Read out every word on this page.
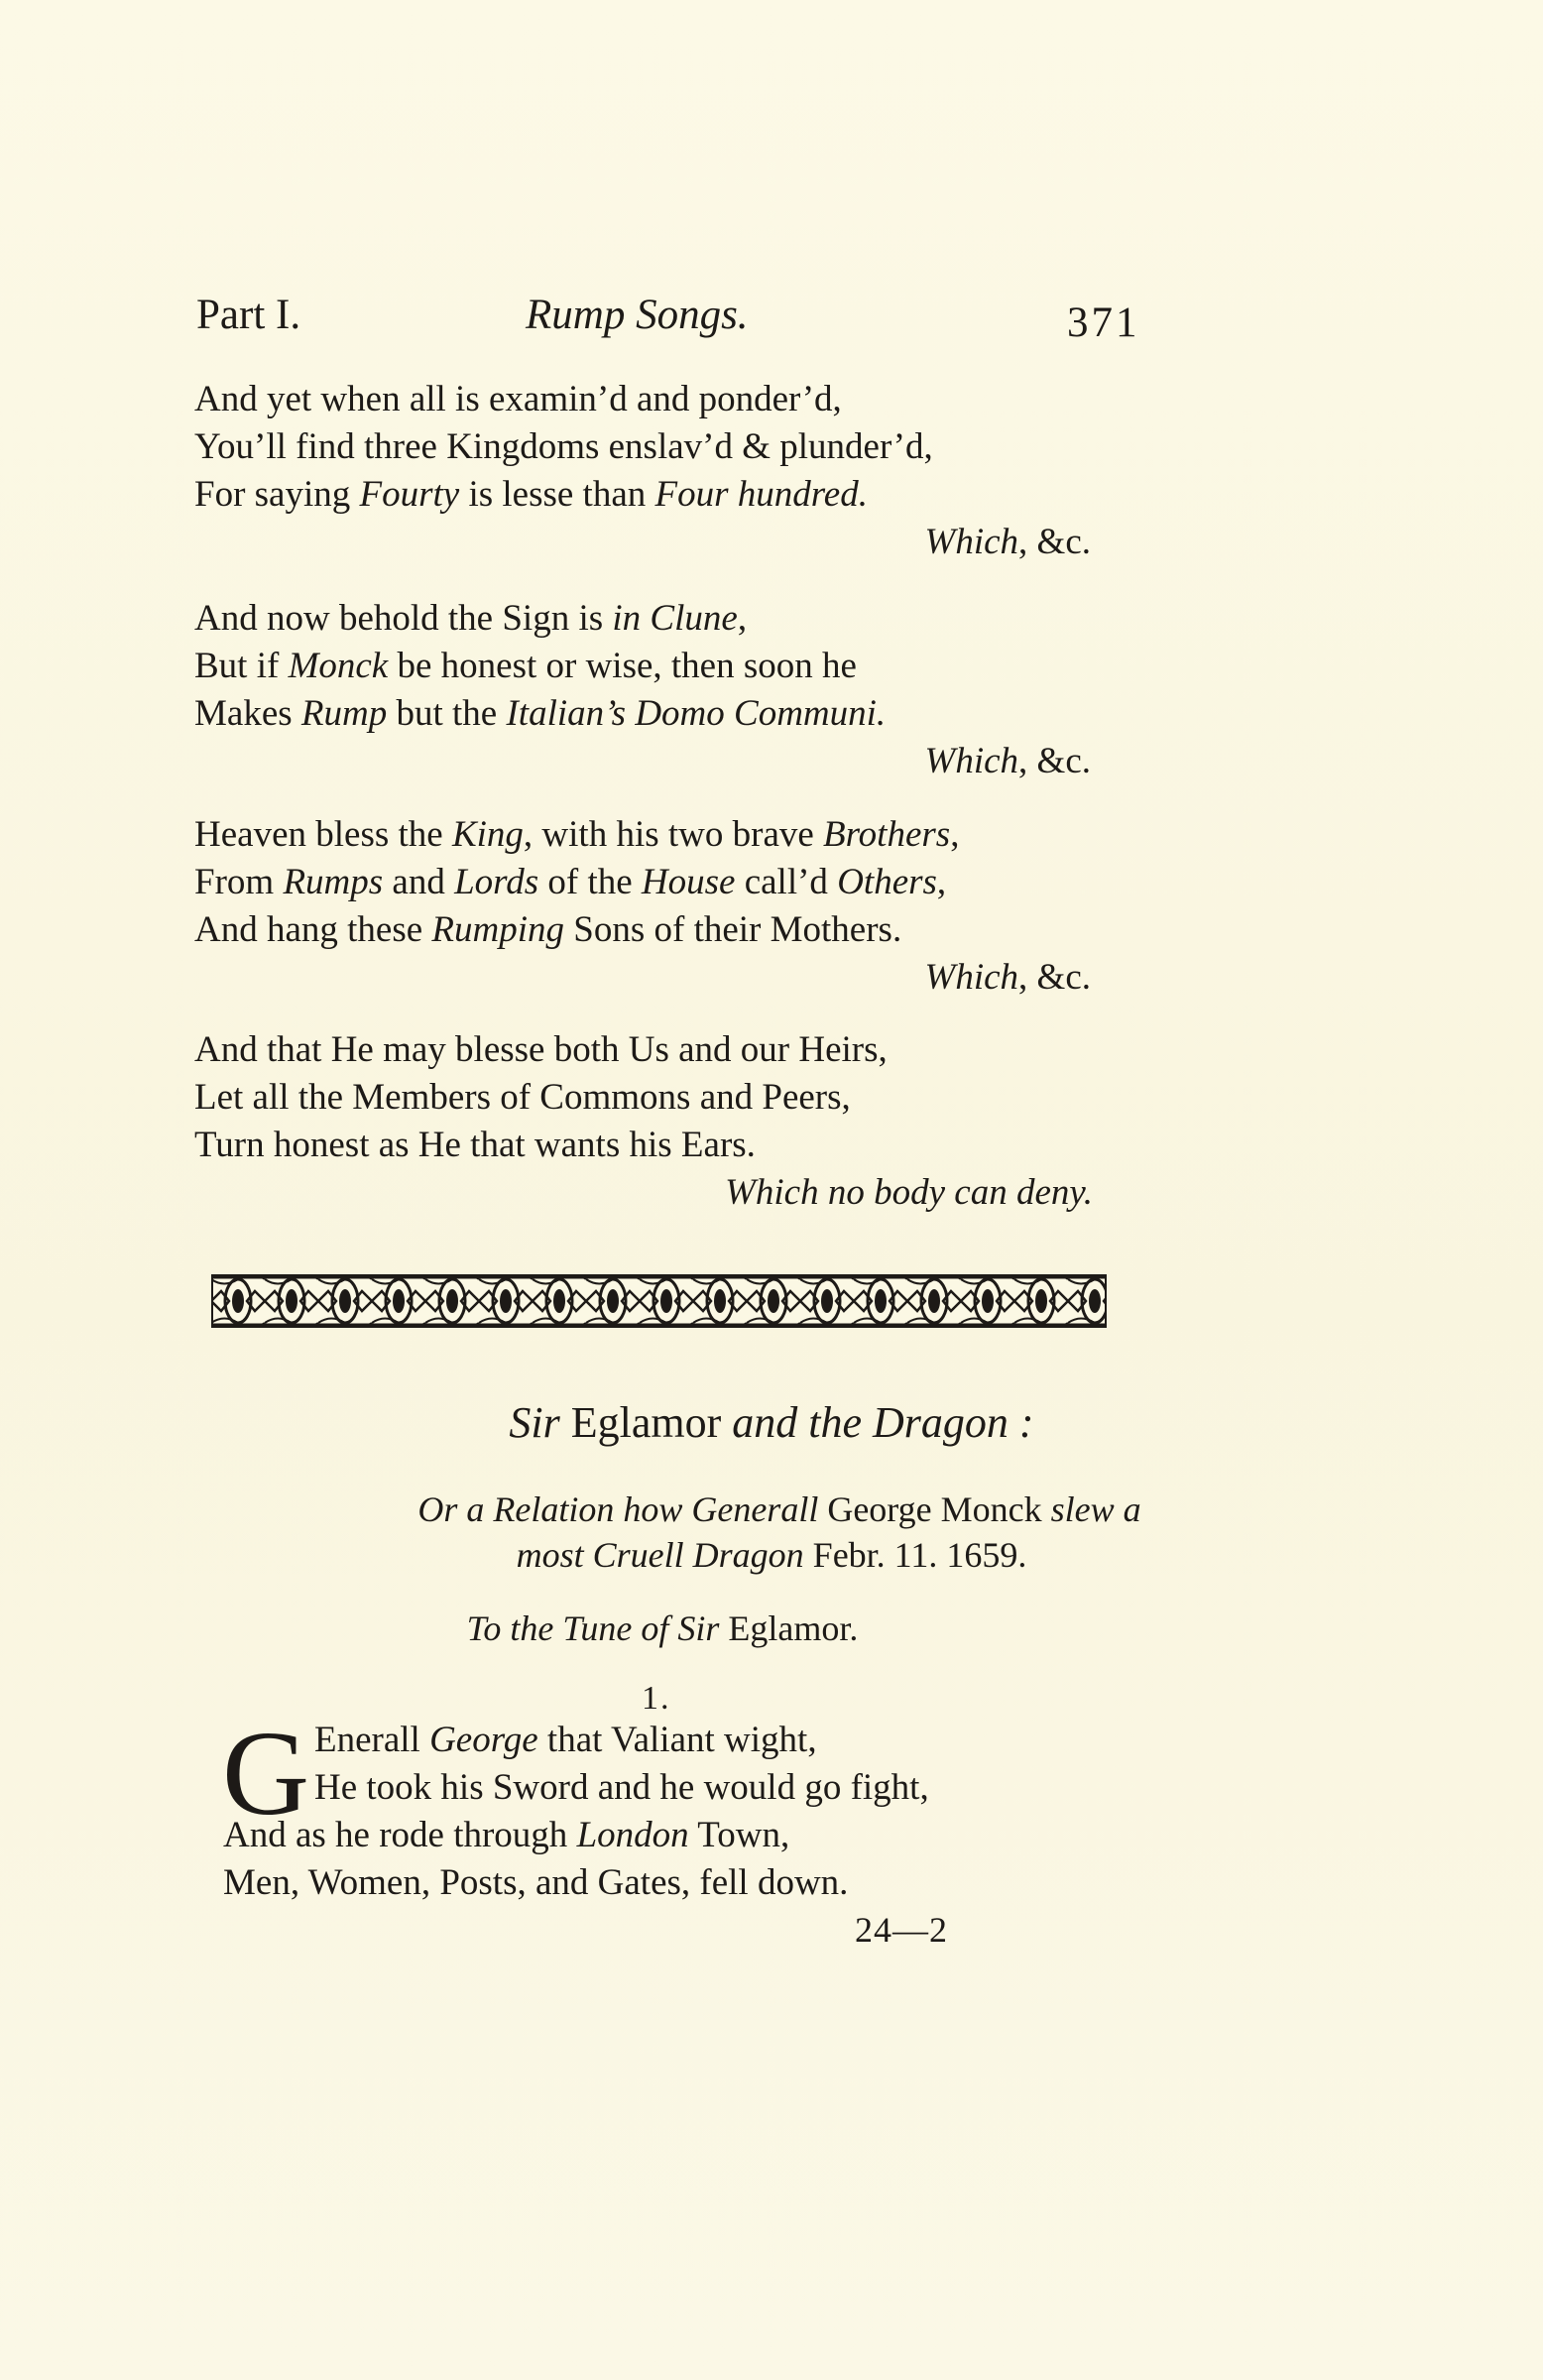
Part I.	Rump Songs.	371
And yet when all is examin’d and ponder’d,
You’ll find three Kingdoms enslav’d & plunder’d,
For saying Fourty is lesse than Four hundred.
Which, &c.
And now behold the Sign is in Clune,
But if Monck be honest or wise, then soon he
Makes Rump but the Italian’s Domo Communi.
Which, &c.
Heaven bless the King, with his two brave Brothers,
From Rumps and Lords of the House call’d Others,
And hang these Rumping Sons of their Mothers.
Which, &c.
And that He may blesse both Us and our Heirs,
Let all the Members of Commons and Peers,
Turn honest as He that wants his Ears.
Which no body can deny.
Sir Eglamor and the Dragon :
Or a Relation how Generall George Monck slew a
most Cruell Dragon Febr. 11. 1659.
To the Tune of Sir Eglamor.
1.
G Enerall George that Valiant wight,
He took his Sword and he would go fight,
And as he rode through London Town,
Men, Women, Posts, and Gates, fell down.
24—2
